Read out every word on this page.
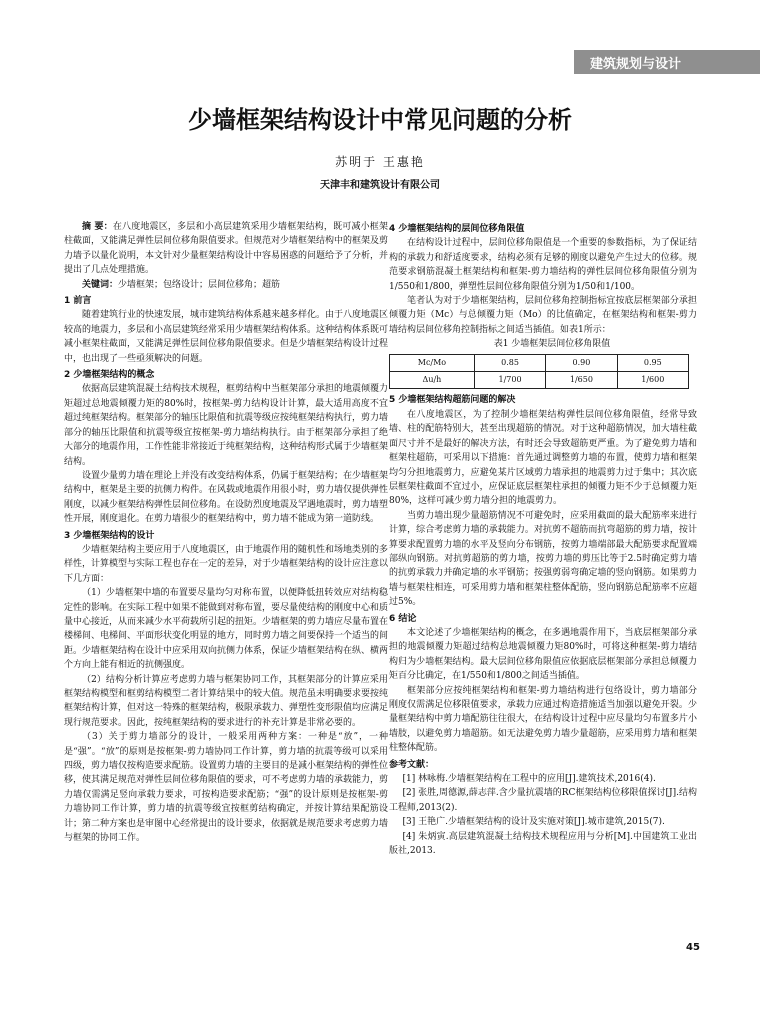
建筑规划与设计
少墙框架结构设计中常见问题的分析
苏明于 王惠艳
天津丰和建筑设计有限公司

摘 要：在八度地震区，多层和小高层建筑采用少墙框架结构，既可减小框架柱截面，又能满足弹性层间位移角限值要求。但规范对少墙框架结构中的框架及剪力墙予以量化说明，本文针对少量框架结构设计中容易困惑的问题给予了分析，并提出了几点处理措施。

关键词：少墙框架；包络设计；层间位移角；超筋

1 前言

随着建筑行业的快速发展，城市建筑结构体系越来越多样化。由于八度地震区较高的地震力，多层和小高层建筑经常采用少墙框架结构体系。这种结构体系既可减小框架柱截面，又能满足弹性层间位移角限值要求。但是少墙框架结构设计过程中，也出现了一些亟须解决的问题。

2 少墙框架结构的概念

依据高层建筑混凝土结构技术规程，框剪结构中当框架部分承担的地震倾覆力矩超过总地震倾覆力矩的80%时，按框架-剪力结构设计计算，最大适用高度不宜超过纯框架结构。框架部分的轴压比限值和抗震等级应按纯框架结构执行，剪力墙部分的轴压比限值和抗震等级宜按框架-剪力墙结构执行。由于框架部分承担了绝大部分的地震作用，工作性能非常接近于纯框架结构，这种结构形式属于少墙框架结构。

设置少量剪力墙在理论上并没有改变结构体系，仍属于框架结构；在少墙框架结构中，框架是主要的抗侧力构件。在风载或地震作用很小时，剪力墙仅提供弹性刚度，以减少框架结构弹性层间位移角。在设防烈度地震及罕遇地震时，剪力墙塑性开展，刚度退化。在剪力墙很少的框架结构中，剪力墙不能成为第一道防线。

3 少墙框架结构的设计

少墙框架结构主要应用于八度地震区，由于地震作用的随机性和场地类别的多样性，计算模型与实际工程也存在一定的差异，对于少墙框架结构的设计应注意以下几方面：

（1）少墙框架中墙的布置要尽量均匀对称布置，以便降低扭转效应对结构稳定性的影响。在实际工程中如果不能做到对称布置，要尽量使结构的刚度中心和质量中心接近，从而来减少水平荷载所引起的扭矩。少墙框架的剪力墙应尽量布置在楼梯间、电梯间、平面形状变化明显的地方，同时剪力墙之间要保持一个适当的间距。少墙框架结构在设计中应采用双向抗侧力体系，保证少墙框架结构在纵、横两个方向上能有相近的抗侧强度。

（2）结构分析计算应考虑剪力墙与框架协同工作，其框架部分的计算应采用框架结构模型和框剪结构模型二者计算结果中的较大值。规范虽未明确要求要按纯框架结构计算，但对这一特殊的框架结构，极限承载力、弹塑性变形限值均应满足现行规范要求。因此，按纯框架结构的要求进行的补充计算是非常必要的。

（3）关于剪力墙部分的设计，一般采用两种方案：一种是“放”，一种是“强”。“放”的原则是按框架-剪力墙协同工作计算，剪力墙的抗震等级可以采用四级，剪力墙仅按构造要求配筋。设置剪力墙的主要目的是减小框架结构的弹性位移，使其满足规范对弹性层间位移角限值的要求，可不考虑剪力墙的承载能力，剪力墙仅需满足竖向承载力要求，可按构造要求配筋；“强”的设计原则是按框架-剪力墙协同工作计算，剪力墙的抗震等级宜按框剪结构确定，并按计算结果配筋设计；第二种方案也是审图中心经常提出的设计要求，依据就是规范要求考虑剪力墙与框架的协同工作。

4 少墙框架结构的层间位移角限值

在结构设计过程中，层间位移角限值是一个重要的参数指标，为了保证结构的承载力和舒适度要求，结构必须有足够的刚度以避免产生过大的位移。规范要求钢筋混凝土框架结构和框架-剪力墙结构的弹性层间位移角限值分别为1/550和1/800，弹塑性层间位移角限值分别为1/50和1/100。

笔者认为对于少墙框架结构，层间位移角控制指标宜按底层框架部分承担倾覆力矩（Mc）与总倾覆力矩（Mo）的比值确定，在框架结构和框架-剪力墙结构层间位移角控制指标之间适当插值。如表1所示：

表1 少墙框架层间位移角限值

Mc/Mo	0.85	0.90	0.95
Δu/h	1/700	1/650	1/600
5 少墙框架结构超筋问题的解决

在八度地震区，为了控制少墙框架结构弹性层间位移角限值，经常导致墙、柱的配筋特别大，甚至出现超筋的情况。对于这种超筋情况，加大墙柱截面尺寸并不是最好的解决方法，有时还会导致超筋更严重。为了避免剪力墙和框架柱超筋，可采用以下措施：首先通过调整剪力墙的布置，使剪力墙和框架均匀分担地震剪力，应避免某片区域剪力墙承担的地震剪力过于集中；其次底层框架柱截面不宜过小，应保证底层框架柱承担的倾覆力矩不少于总倾覆力矩80%，这样可减少剪力墙分担的地震剪力。

当剪力墙出现少量超筋情况不可避免时，应采用截面的最大配筋率来进行计算，综合考虑剪力墙的承载能力。对抗剪不超筋而抗弯超筋的剪力墙，按计算要求配置剪力墙的水平及竖向分布钢筋，按剪力墙端部最大配筋要求配置端部纵向钢筋。对抗剪超筋的剪力墙，按剪力墙的剪压比等于2.5时确定剪力墙的抗剪承载力并确定墙的水平钢筋；按强剪弱弯确定墙的竖向钢筋。如果剪力墙与框架柱相连，可采用剪力墙和框架柱整体配筋，竖向钢筋总配筋率不应超过5%。

6 结论

本文论述了少墙框架结构的概念，在多遇地震作用下，当底层框架部分承担的地震倾覆力矩超过结构总地震倾覆力矩80%时，可将这种框架-剪力墙结构归为少墙框架结构。最大层间位移角限值应依据底层框架部分承担总倾覆力矩百分比确定，在1/550和1/800之间适当插值。

框架部分应按纯框架结构和框架-剪力墙结构进行包络设计，剪力墙部分刚度仅需满足位移限值要求，承载力应通过构造措施适当加强以避免开裂。少量框架结构中剪力墙配筋往往很大，在结构设计过程中应尽量均匀布置多片小墙肢，以避免剪力墙超筋。如无法避免剪力墙少量超筋，应采用剪力墙和框架柱整体配筋。

参考文献：

[1] 林咏梅.少墙框架结构在工程中的应用[J].建筑技术,2016(4).

[2] 张胜,周德源,薛志萍.含少量抗震墙的RC框架结构位移限值探讨[J].结构工程师,2013(2).

[3] 王艳广.少墙框架结构的设计及实施对策[J].城市建筑,2015(7).

[4] 朱炳寅.高层建筑混凝土结构技术规程应用与分析[M].中国建筑工业出版社,2013.

45
